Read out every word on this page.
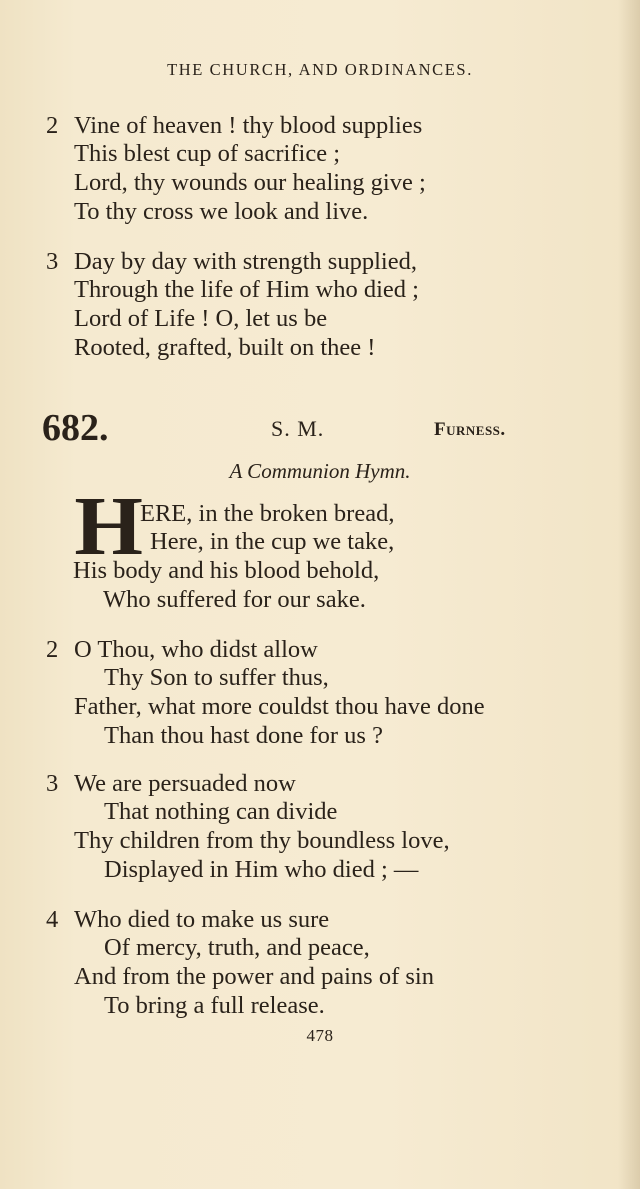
THE CHURCH, AND ORDINANCES.
2 Vine of heaven ! thy blood supplies
This blest cup of sacrifice ;
Lord, thy wounds our healing give ;
To thy cross we look and live.
3 Day by day with strength supplied,
Through the life of Him who died ;
Lord of Life ! O, let us be
Rooted, grafted, built on thee !
682.	S. M.	Furness.
A Communion Hymn.
H
ERE, in the broken bread,
Here, in the cup we take,
His body and his blood behold,
Who suffered for our sake.
2 O Thou, who didst allow
Thy Son to suffer thus,
Father, what more couldst thou have done
Than thou hast done for us ?
3 We are persuaded now
That nothing can divide
Thy children from thy boundless love,
Displayed in Him who died ; —
4 Who died to make us sure
Of mercy, truth, and peace,
And from the power and pains of sin
To bring a full release.
478
